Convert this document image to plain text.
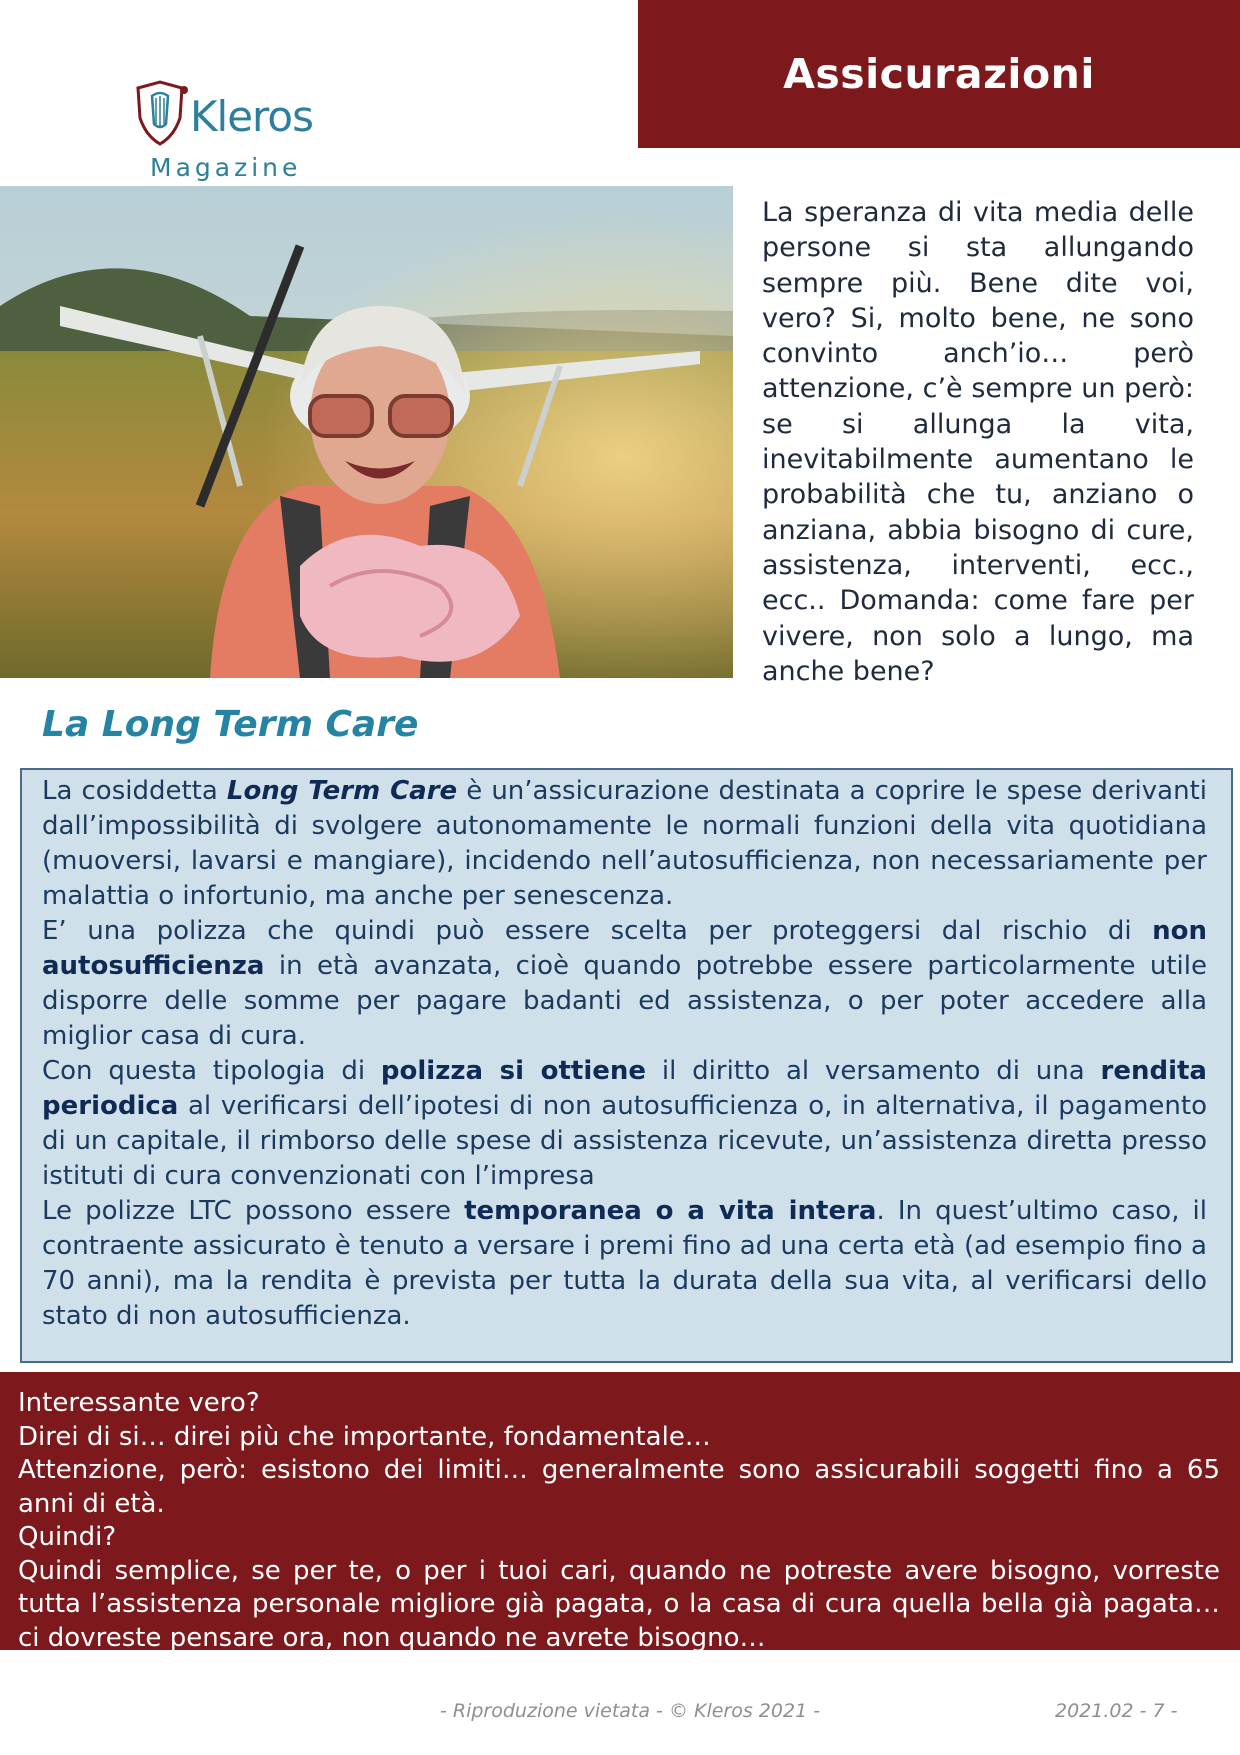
Assicurazioni
Kleros
Magazine

La speranza di vita media delle persone si sta allungando sempre più. Bene dite voi, vero? Si, molto bene, ne sono convinto anch’io… però attenzione, c’è sempre un però: se si allunga la vita, inevitabilmente aumentano le probabilità che tu, anziano o anziana, abbia bisogno di cure, assistenza, interventi, ecc., ecc.. Domanda: come fare per vivere, non solo a lungo, ma anche bene?

La Long Term Care

La cosiddetta Long Term Care è un’assicurazione destinata a coprire le spese derivanti dall’impossibilità di svolgere autonomamente le normali funzioni della vita quotidiana (muoversi, lavarsi e mangiare), incidendo nell’autosufficienza, non necessariamente per malattia o infortunio, ma anche per senescenza.

E’ una polizza che quindi può essere scelta per proteggersi dal rischio di non autosufficienza in età avanzata, cioè quando potrebbe essere particolarmente utile disporre delle somme per pagare badanti ed assistenza, o per poter accedere alla miglior casa di cura.

Con questa tipologia di polizza si ottiene il diritto al versamento di una rendita periodica al verificarsi dell’ipotesi di non autosufficienza o, in alternativa, il pagamento di un capitale, il rimborso delle spese di assistenza ricevute, un’assistenza diretta presso istituti di cura convenzionati con l’impresa

Le polizze LTC possono essere temporanea o a vita intera. In quest’ultimo caso, il contraente assicurato è tenuto a versare i premi fino ad una certa età (ad esempio fino a 70 anni), ma la rendita è prevista per tutta la durata della sua vita, al verificarsi dello stato di non autosufficienza.

Interessante vero?

Direi di si… direi più che importante, fondamentale…

Attenzione, però: esistono dei limiti… generalmente sono assicurabili soggetti fino a 65 anni di età.

Quindi?

Quindi semplice, se per te, o per i tuoi cari, quando ne potreste avere bisogno, vorreste tutta l’assistenza personale migliore già pagata, o la casa di cura quella bella già pagata… ci dovreste pensare ora, non quando ne avrete bisogno…

- Riproduzione vietata - © Kleros 2021 -	2021.02 - 7 -
